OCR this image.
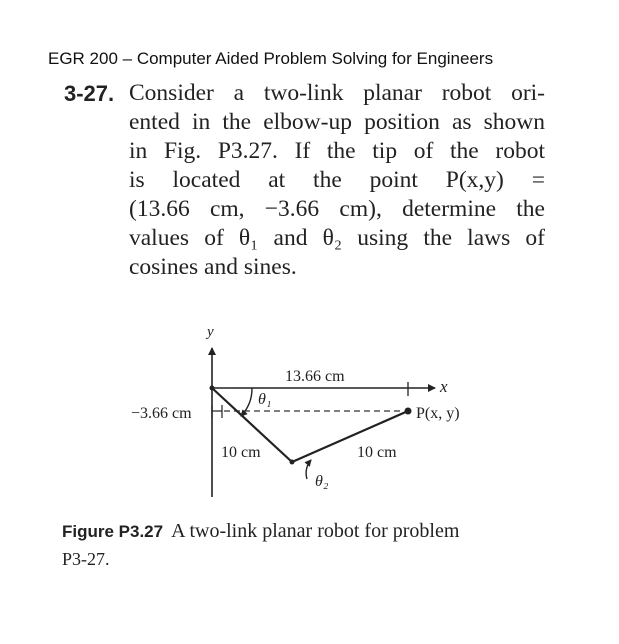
EGR 200 – Computer Aided Problem Solving for Engineers
3-27. Consider a two-link planar robot ori-
ented in the elbow-up position as shown
in Fig. P3.27. If the tip of the robot
is located at the point P(x,y) =
(13.66 cm, −3.66 cm), determine the
values of θ₁ and θ₂ using the laws of
cosines and sines.
y
x
13.66 cm
−3.66 cm
θ₁
θ₂
10 cm	10 cm
P(x, y)
Figure P3.27 A two-link planar robot for problem
P3-27.
